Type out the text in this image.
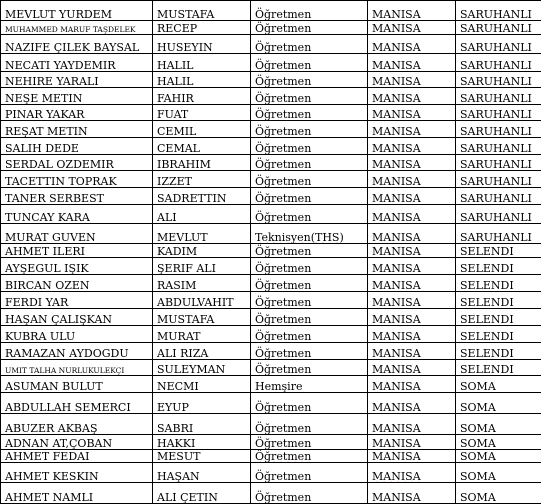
MEVLUT YURDEM	MUSTAFA	Öğretmen	MANISA	SARUHANLI
MUHAMMED MARUF TAŞDELEK	RECEP	Öğretmen	MANISA	SARUHANLI
NAZIFE ÇILEK BAYSAL	HUSEYIN	Öğretmen	MANISA	SARUHANLI
NECATI YAYDEMIR	HALIL	Öğretmen	MANISA	SARUHANLI
NEHIRE YARALI	HALIL	Öğretmen	MANISA	SARUHANLI
NEŞE METIN	FAHIR	Öğretmen	MANISA	SARUHANLI
PINAR YAKAR	FUAT	Öğretmen	MANISA	SARUHANLI
REŞAT METIN	CEMIL	Öğretmen	MANISA	SARUHANLI
SALIH DEDE	CEMAL	Öğretmen	MANISA	SARUHANLI
SERDAL OZDEMIR	IBRAHIM	Öğretmen	MANISA	SARUHANLI
TACETTIN TOPRAK	IZZET	Öğretmen	MANISA	SARUHANLI
TANER SERBEST	SADRETTIN	Öğretmen	MANISA	SARUHANLI
TUNCAY KARA	ALI	Öğretmen	MANISA	SARUHANLI
MURAT GUVEN	MEVLUT	Teknisyen(THS)	MANISA	SARUHANLI
AHMET ILERI	KADIM	Öğretmen	MANISA	SELENDI
AYŞEGUL IŞIK	ŞERIF ALI	Öğretmen	MANISA	SELENDI
BIRCAN OZEN	RASIM	Öğretmen	MANISA	SELENDI
FERDI YAR	ABDULVAHIT	Öğretmen	MANISA	SELENDI
HAŞAN ÇALIŞKAN	MUSTAFA	Öğretmen	MANISA	SELENDI
KUBRA ULU	MURAT	Öğretmen	MANISA	SELENDI
RAMAZAN AYDOGDU	ALI RIZA	Öğretmen	MANISA	SELENDI
UMIT TALHA NURLUKULEKÇI	SULEYMAN	Öğretmen	MANISA	SELENDI
ASUMAN BULUT	NECMI	Hemşire	MANISA	SOMA
ABDULLAH SEMERCI	EYUP	Öğretmen	MANISA	SOMA
ABUZER AKBAŞ	SABRI	Öğretmen	MANISA	SOMA
ADNAN AT,ÇOBAN	HAKKI	Öğretmen	MANISA	SOMA
AHMET FEDAI	MESUT	Öğretmen	MANISA	SOMA
AHMET KESKIN	HAŞAN	Öğretmen	MANISA	SOMA
AHMET NAMLI	ALI ÇETIN	Öğretmen	MANISA	SOMA
